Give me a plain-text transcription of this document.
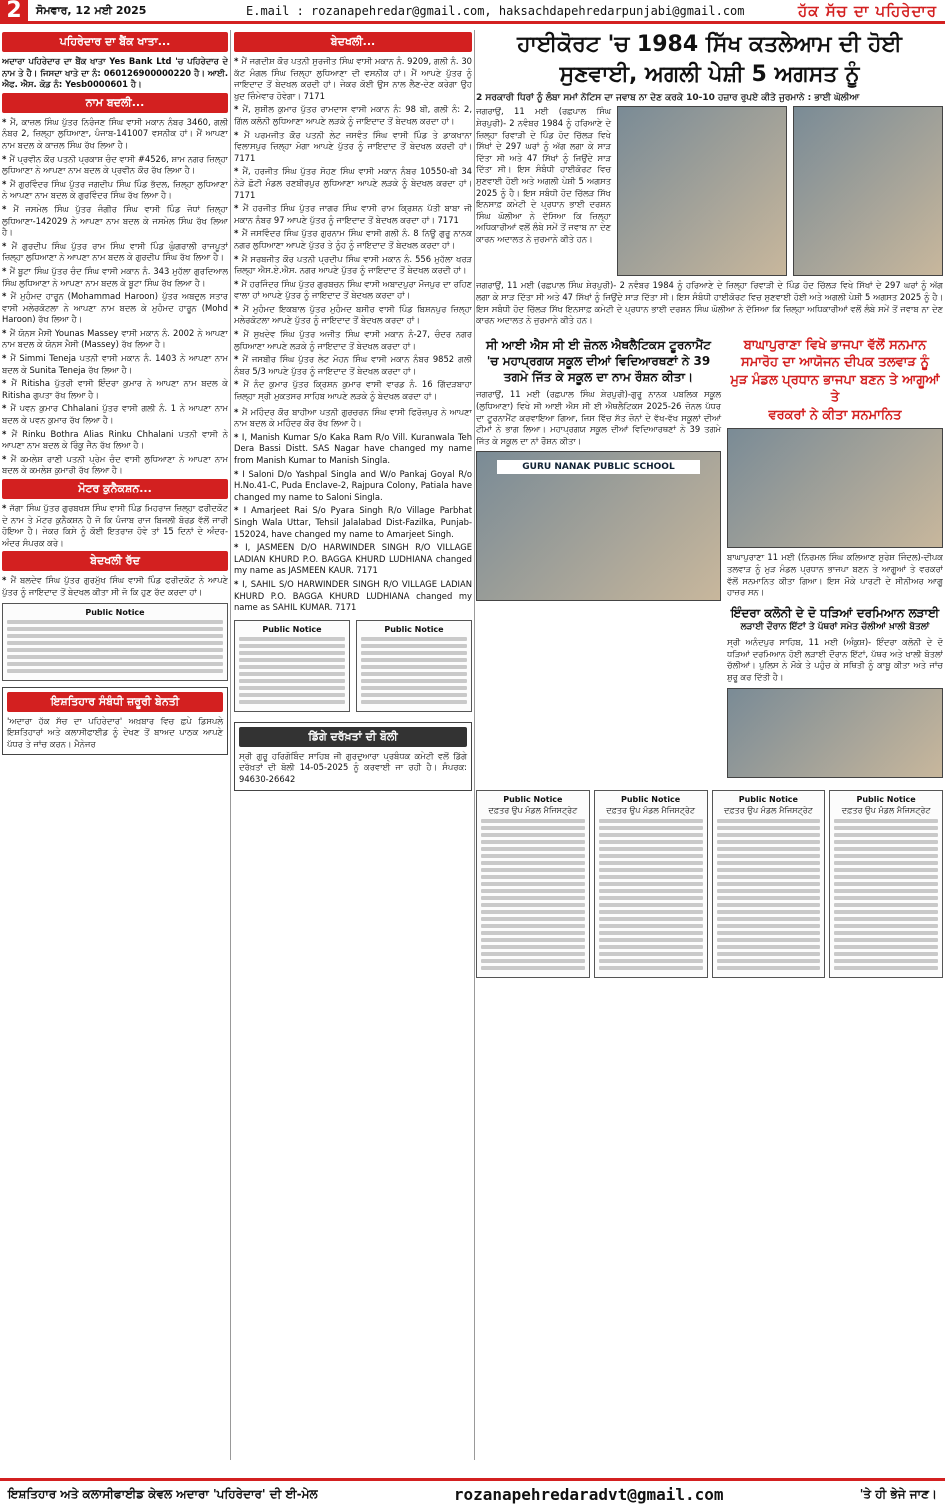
2	ਸੋਮਵਾਰ, 12 ਮਈ 2025	E.mail : rozanapehredar@gmail.com, haksachdapehredarpunjabi@gmail.com	ਹੱਕ ਸੱਚ ਦਾ ਪਹਿਰੇਦਾਰ
ਪਹਿਰੇਦਾਰ ਦਾ ਬੈਂਕ ਖਾਤਾ...
ਅਦਾਰਾ ਪਹਿਰੇਦਾਰ ਦਾ ਬੈਂਕ ਖਾਤਾ Yes Bank Ltd 'ਚ ਪਹਿਰੇਦਾਰ ਦੇ ਨਾਮ ਤੇ ਹੈ। ਜਿਸਦਾ ਖਾਤੇ ਦਾ ਨੰ: 060126900000220 ਹੈ। ਆਈ. ਐਫ. ਐਸ. ਕੋਡ ਨੰ: Yesb0000601 ਹੈ।
ਨਾਮ ਬਦਲੀ...

* ਮੈਂ, ਕਾਜ਼ਲ ਸਿੰਘ ਪੁੱਤਰ ਨਿਰੰਜਣ ਸਿੰਘ ਵਾਸੀ ਮਕਾਨ ਨੰਬਰ 3460, ਗਲੀ ਨੰਬਰ 2, ਜ਼ਿਲ੍ਹਾ ਲੁਧਿਆਣਾ, ਪੰਜਾਬ-141007 ਵਸਨੀਕ ਹਾਂ। ਮੈਂ ਆਪਣਾ ਨਾਮ ਬਦਲ ਕੇ ਕਾਜ਼ਲ ਸਿੰਘ ਰੱਖ ਲਿਆ ਹੈ।

* ਮੈਂ ਪ੍ਰਵੀਨ ਕੌਰ ਪਤਨੀ ਪ੍ਰਕਾਸ਼ ਚੰਦ ਵਾਸੀ #4526, ਸ਼ਾਮ ਨਗਰ ਜ਼ਿਲ੍ਹਾ ਲੁਧਿਆਣਾ ਨੇ ਆਪਣਾ ਨਾਮ ਬਦਲ ਕੇ ਪ੍ਰਵੀਨ ਕੌਰ ਰੱਖ ਲਿਆ ਹੈ।

* ਮੈਂ ਗੁਰਵਿੰਦਰ ਸਿੰਘ ਪੁੱਤਰ ਜਗਦੀਪ ਸਿੰਘ ਪਿੰਡ ਭੱਦਲ, ਜ਼ਿਲ੍ਹਾ ਲੁਧਿਆਣਾ ਨੇ ਆਪਣਾ ਨਾਮ ਬਦਲ ਕੇ ਗੁਰਵਿੰਦਰ ਸਿੰਘ ਰੱਖ ਲਿਆ ਹੈ।

* ਮੈਂ ਜਸਮੇਲ ਸਿੰਘ ਪੁੱਤਰ ਜੰਗੀਰ ਸਿੰਘ ਵਾਸੀ ਪਿੰਡ ਜੋਧਾਂ ਜ਼ਿਲ੍ਹਾ ਲੁਧਿਆਣਾ-142029 ਨੇ ਆਪਣਾ ਨਾਮ ਬਦਲ ਕੇ ਜਸਮੇਲ ਸਿੰਘ ਰੱਖ ਲਿਆ ਹੈ।

* ਮੈਂ ਗੁਰਦੀਪ ਸਿੰਘ ਪੁੱਤਰ ਰਾਮ ਸਿੰਘ ਵਾਸੀ ਪਿੰਡ ਘੁੰਗਰਾਲੀ ਰਾਜਪੂਤਾਂ ਜ਼ਿਲ੍ਹਾ ਲੁਧਿਆਣਾ ਨੇ ਆਪਣਾ ਨਾਮ ਬਦਲ ਕੇ ਗੁਰਦੀਪ ਸਿੰਘ ਰੱਖ ਲਿਆ ਹੈ।

* ਮੈਂ ਬੂਟਾ ਸਿੰਘ ਪੁੱਤਰ ਚੰਦ ਸਿੰਘ ਵਾਸੀ ਮਕਾਨ ਨੰ. 343 ਮੁਹੱਲਾ ਗੁਰਦਿਆਲ ਸਿੰਘ ਲੁਧਿਆਣਾ ਨੇ ਆਪਣਾ ਨਾਮ ਬਦਲ ਕੇ ਬੂਟਾ ਸਿੰਘ ਰੱਖ ਲਿਆ ਹੈ।

* ਮੈਂ ਮੁਹੰਮਦ ਹਾਰੂਨ (Mohammad Haroon) ਪੁੱਤਰ ਅਬਦੁਲ ਸਤਾਰ ਵਾਸੀ ਮਲੇਰਕੋਟਲਾ ਨੇ ਆਪਣਾ ਨਾਮ ਬਦਲ ਕੇ ਮੁਹੰਮਦ ਹਾਰੂਨ (Mohd Haroon) ਰੱਖ ਲਿਆ ਹੈ।

* ਮੈਂ ਯੋਨਸ ਮੈਸੀ Younas Massey ਵਾਸੀ ਮਕਾਨ ਨੰ. 2002 ਨੇ ਆਪਣਾ ਨਾਮ ਬਦਲ ਕੇ ਯੋਨਸ ਮੈਸੀ (Massey) ਰੱਖ ਲਿਆ ਹੈ।

* ਮੈਂ Simmi Teneja ਪਤਨੀ ਵਾਸੀ ਮਕਾਨ ਨੰ. 1403 ਨੇ ਆਪਣਾ ਨਾਮ ਬਦਲ ਕੇ Sunita Teneja ਰੱਖ ਲਿਆ ਹੈ।

* ਮੈਂ Ritisha ਪੁੱਤਰੀ ਵਾਸੀ ਇੰਦਰਾ ਕੁਮਾਰ ਨੇ ਆਪਣਾ ਨਾਮ ਬਦਲ ਕੇ Ritisha ਗੁਪਤਾ ਰੱਖ ਲਿਆ ਹੈ।

* ਮੈਂ ਪਵਨ ਕੁਮਾਰ Chhalani ਪੁੱਤਰ ਵਾਸੀ ਗਲੀ ਨੰ. 1 ਨੇ ਆਪਣਾ ਨਾਮ ਬਦਲ ਕੇ ਪਵਨ ਕੁਮਾਰ ਰੱਖ ਲਿਆ ਹੈ।

* ਮੈਂ Rinku Bothra Alias Rinku Chhalani ਪਤਨੀ ਵਾਸੀ ਨੇ ਆਪਣਾ ਨਾਮ ਬਦਲ ਕੇ ਰਿੰਕੂ ਜੈਨ ਰੱਖ ਲਿਆ ਹੈ।

* ਮੈਂ ਕਮਲੇਸ਼ ਰਾਣੀ ਪਤਨੀ ਪ੍ਰੇਮ ਚੰਦ ਵਾਸੀ ਲੁਧਿਆਣਾ ਨੇ ਆਪਣਾ ਨਾਮ ਬਦਲ ਕੇ ਕਮਲੇਸ਼ ਕੁਮਾਰੀ ਰੱਖ ਲਿਆ ਹੈ।

ਮੋਟਰ ਕੁਨੈਕਸ਼ਨ...

* ਜੱਗਾ ਸਿੰਘ ਪੁੱਤਰ ਗੁਰਬਖਸ਼ ਸਿੰਘ ਵਾਸੀ ਪਿੰਡ ਮਿਹਰਾਜ ਜ਼ਿਲ੍ਹਾ ਫਰੀਦਕੋਟ ਦੇ ਨਾਮ ਤੇ ਮੋਟਰ ਕੁਨੈਕਸ਼ਨ ਹੈ ਜੋ ਕਿ ਪੰਜਾਬ ਰਾਜ ਬਿਜਲੀ ਬੋਰਡ ਵੱਲੋਂ ਜਾਰੀ ਹੋਇਆ ਹੈ। ਜੇਕਰ ਕਿਸੇ ਨੂੰ ਕੋਈ ਇਤਰਾਜ਼ ਹੋਵੇ ਤਾਂ 15 ਦਿਨਾਂ ਦੇ ਅੰਦਰ-ਅੰਦਰ ਸੰਪਰਕ ਕਰੇ।

ਬੇਦਖਲੀ ਰੱਦ

* ਮੈਂ ਬਲਦੇਵ ਸਿੰਘ ਪੁੱਤਰ ਗੁਰਮੁੱਖ ਸਿੰਘ ਵਾਸੀ ਪਿੰਡ ਫਰੀਦਕੋਟ ਨੇ ਆਪਣੇ ਪੁੱਤਰ ਨੂੰ ਜਾਇਦਾਦ ਤੋਂ ਬੇਦਖਲ ਕੀਤਾ ਸੀ ਜੋ ਕਿ ਹੁਣ ਰੱਦ ਕਰਦਾ ਹਾਂ।

Public Notice
ਇਸ਼ਤਿਹਾਰ ਸੰਬੰਧੀ ਜ਼ਰੂਰੀ ਬੇਨਤੀ
'ਅਦਾਰਾ ਹੱਕ ਸੱਚ ਦਾ ਪਹਿਰੇਦਾਰ' ਅਖ਼ਬਾਰ ਵਿਚ ਛਪੇ ਡਿਸਪਲੇ ਇਸ਼ਤਿਹਾਰਾਂ ਅਤੇ ਕਲਾਸੀਫਾਈਡ ਨੂੰ ਦੇਖਣ ਤੋਂ ਬਾਅਦ ਪਾਠਕ ਆਪਣੇ ਪੱਧਰ ਤੇ ਜਾਂਚ ਕਰਨ। ਮੈਨੇਜਰ
ਬੇਦਖਲੀ...

* ਮੈਂ ਜਗਦੀਸ਼ ਕੌਰ ਪਤਨੀ ਸੁਰਜੀਤ ਸਿੰਘ ਵਾਸੀ ਮਕਾਨ ਨੰ. 9209, ਗਲੀ ਨੰ. 30 ਕੱਟ ਮੰਗਲ ਸਿੰਘ ਜ਼ਿਲ੍ਹਾ ਲੁਧਿਆਣਾ ਦੀ ਵਸਨੀਕ ਹਾਂ। ਮੈਂ ਆਪਣੇ ਪੁੱਤਰ ਨੂੰ ਜਾਇਦਾਦ ਤੋਂ ਬੇਦਖਲ ਕਰਦੀ ਹਾਂ। ਜੇਕਰ ਕੋਈ ਉਸ ਨਾਲ ਲੈਣ-ਦੇਣ ਕਰੇਗਾ ਉਹ ਖੁਦ ਜ਼ਿੰਮੇਵਾਰ ਹੋਵੇਗਾ। 7171

* ਮੈਂ, ਸੁਸ਼ੀਲ ਕੁਮਾਰ ਪੁੱਤਰ ਰਾਮਦਾਸ ਵਾਸੀ ਮਕਾਨ ਨੰ: 98 ਬੀ, ਗਲੀ ਨੰ: 2, ਗਿੱਲ ਕਲੋਨੀ ਲੁਧਿਆਣਾ ਆਪਣੇ ਲੜਕੇ ਨੂੰ ਜਾਇਦਾਦ ਤੋਂ ਬੇਦਖਲ ਕਰਦਾ ਹਾਂ।

* ਮੈਂ ਪਰਮਜੀਤ ਕੌਰ ਪਤਨੀ ਲੇਟ ਜਸਵੰਤ ਸਿੰਘ ਵਾਸੀ ਪਿੰਡ ਤੇ ਡਾਕਖਾਨਾ ਵਿਲਾਸਪੁਰ ਜ਼ਿਲ੍ਹਾ ਮੋਗਾ ਆਪਣੇ ਪੁੱਤਰ ਨੂੰ ਜਾਇਦਾਦ ਤੋਂ ਬੇਦਖਲ ਕਰਦੀ ਹਾਂ। 7171

* ਮੈਂ, ਹਰਜੀਤ ਸਿੰਘ ਪੁੱਤਰ ਸੋਹਣ ਸਿੰਘ ਵਾਸੀ ਮਕਾਨ ਨੰਬਰ 10550-ਬੀ 34 ਨੇੜੇ ਛੋਟੀ ਮੰਡਲ ਰਣਬੀਰਪੁਰ ਲੁਧਿਆਣਾ ਆਪਣੇ ਲੜਕੇ ਨੂੰ ਬੇਦਖਲ ਕਰਦਾ ਹਾਂ। 7171

* ਮੈਂ ਹਰਜੀਤ ਸਿੰਘ ਪੁੱਤਰ ਜਾਗਰ ਸਿੰਘ ਵਾਸੀ ਰਾਮ ਕ੍ਰਿਸ਼ਨ ਪੱਤੀ ਬਾਬਾ ਜੀ ਮਕਾਨ ਨੰਬਰ 97 ਆਪਣੇ ਪੁੱਤਰ ਨੂੰ ਜਾਇਦਾਦ ਤੋਂ ਬੇਦਖਲ ਕਰਦਾ ਹਾਂ। 7171

* ਮੈਂ ਜਸਵਿੰਦਰ ਸਿੰਘ ਪੁੱਤਰ ਗੁਰਨਾਮ ਸਿੰਘ ਵਾਸੀ ਗਲੀ ਨੰ. 8 ਨਿਊ ਗੁਰੂ ਨਾਨਕ ਨਗਰ ਲੁਧਿਆਣਾ ਆਪਣੇ ਪੁੱਤਰ ਤੇ ਨੂੰਹ ਨੂੰ ਜਾਇਦਾਦ ਤੋਂ ਬੇਦਖਲ ਕਰਦਾ ਹਾਂ।

* ਮੈਂ ਸਰਬਜੀਤ ਕੌਰ ਪਤਨੀ ਪ੍ਰਦੀਪ ਸਿੰਘ ਵਾਸੀ ਮਕਾਨ ਨੰ. 556 ਮੁਹੱਲਾ ਖਰੜ ਜ਼ਿਲ੍ਹਾ ਐਸ.ਏ.ਐਸ. ਨਗਰ ਆਪਣੇ ਪੁੱਤਰ ਨੂੰ ਜਾਇਦਾਦ ਤੋਂ ਬੇਦਖਲ ਕਰਦੀ ਹਾਂ।

* ਮੈਂ ਹਰਜਿੰਦਰ ਸਿੰਘ ਪੁੱਤਰ ਗੁਰਬਚਨ ਸਿੰਘ ਵਾਸੀ ਅਬਾਦਪੁਰਾ ਮੌਜਪੁਰ ਦਾ ਰਹਿਣ ਵਾਲਾ ਹਾਂ ਆਪਣੇ ਪੁੱਤਰ ਨੂੰ ਜਾਇਦਾਦ ਤੋਂ ਬੇਦਖਲ ਕਰਦਾ ਹਾਂ।

* ਮੈਂ ਮੁਹੰਮਦ ਇਕਬਾਲ ਪੁੱਤਰ ਮੁਹੰਮਦ ਬਸੀਰ ਵਾਸੀ ਪਿੰਡ ਬਿਸ਼ਨਪੁਰ ਜ਼ਿਲ੍ਹਾ ਮਲੇਰਕੋਟਲਾ ਆਪਣੇ ਪੁੱਤਰ ਨੂੰ ਜਾਇਦਾਦ ਤੋਂ ਬੇਦਖਲ ਕਰਦਾ ਹਾਂ।

* ਮੈਂ ਸੁਖਦੇਵ ਸਿੰਘ ਪੁੱਤਰ ਅਜੀਤ ਸਿੰਘ ਵਾਸੀ ਮਕਾਨ ਨੰ-27, ਚੰਦਰ ਨਗਰ ਲੁਧਿਆਣਾ ਆਪਣੇ ਲੜਕੇ ਨੂੰ ਜਾਇਦਾਦ ਤੋਂ ਬੇਦਖਲ ਕਰਦਾ ਹਾਂ।

* ਮੈਂ ਜਸਬੀਰ ਸਿੰਘ ਪੁੱਤਰ ਲੇਟ ਮੋਹਨ ਸਿੰਘ ਵਾਸੀ ਮਕਾਨ ਨੰਬਰ 9852 ਗਲੀ ਨੰਬਰ 5/3 ਆਪਣੇ ਪੁੱਤਰ ਨੂੰ ਜਾਇਦਾਦ ਤੋਂ ਬੇਦਖਲ ਕਰਦਾ ਹਾਂ।

* ਮੈਂ ਨੰਦ ਕੁਮਾਰ ਪੁੱਤਰ ਕ੍ਰਿਸ਼ਨ ਕੁਮਾਰ ਵਾਸੀ ਵਾਰਡ ਨੰ. 16 ਗਿੱਦੜਬਾਹਾ ਜ਼ਿਲ੍ਹਾ ਸ੍ਰੀ ਮੁਕਤਸਰ ਸਾਹਿਬ ਆਪਣੇ ਲੜਕੇ ਨੂੰ ਬੇਦਖਲ ਕਰਦਾ ਹਾਂ।

* ਮੈਂ ਮਹਿੰਦਰ ਕੌਰ ਬਾਹੀਆ ਪਤਨੀ ਗੁਰਚਰਨ ਸਿੰਘ ਵਾਸੀ ਫਿਰੋਜ਼ਪੁਰ ਨੇ ਆਪਣਾ ਨਾਮ ਬਦਲ ਕੇ ਮਹਿੰਦਰ ਕੌਰ ਰੱਖ ਲਿਆ ਹੈ।

* I, Manish Kumar S/o Kaka Ram R/o Vill. Kuranwala Teh Dera Bassi Distt. SAS Nagar have changed my name from Manish Kumar to Manish Singla.

* I Saloni D/o Yashpal Singla and W/o Pankaj Goyal R/o H.No.41-C, Puda Enclave-2, Rajpura Colony, Patiala have changed my name to Saloni Singla.

* I Amarjeet Rai S/o Pyara Singh R/o Village Parbhat Singh Wala Uttar, Tehsil Jalalabad Dist-Fazilka, Punjab-152024, have changed my name to Amarjeet Singh.

* I, JASMEEN D/O HARWINDER SINGH R/O VILLAGE LADIAN KHURD P.O. BAGGA KHURD LUDHIANA changed my name as JASMEEN KAUR. 7171

* I, SAHIL S/O HARWINDER SINGH R/O VILLAGE LADIAN KHURD P.O. BAGGA KHURD LUDHIANA changed my name as SAHIL KUMAR. 7171

Public Notice	Public Notice
ਡਿੱਗੇ ਦਰੱਖ਼ਤਾਂ ਦੀ ਬੋਲੀ
ਸ੍ਰੀ ਗੁਰੂ ਹਰਿਗੋਬਿੰਦ ਸਾਹਿਬ ਜੀ ਗੁਰਦੁਆਰਾ ਪ੍ਰਬੰਧਕ ਕਮੇਟੀ ਵਲੋਂ ਡਿੱਗੇ ਦਰੱਖ਼ਤਾਂ ਦੀ ਬੋਲੀ 14-05-2025 ਨੂੰ ਕਰਵਾਈ ਜਾ ਰਹੀ ਹੈ। ਸੰਪਰਕ: 94630-26642
ਹਾਈਕੋਰਟ 'ਚ 1984 ਸਿੱਖ ਕਤਲੇਆਮ ਦੀ ਹੋਈ
ਸੁਣਵਾਈ, ਅਗਲੀ ਪੇਸ਼ੀ 5 ਅਗਸਤ ਨੂੰ
2 ਸਰਕਾਰੀ ਧਿਰਾਂ ਨੂੰ ਲੰਬਾ ਸਮਾਂ ਨੋਟਿਸ ਦਾ ਜਵਾਬ ਨਾ ਦੇਣ ਕਰਕੇ 10-10 ਹਜ਼ਾਰ ਰੁਪਏ ਕੀਤੇ ਜੁਰਮਾਨੇ : ਭਾਈ ਘੋਲੀਆ
ਜਗਰਾਉਂ, 11 ਮਈ (ਰਛਪਾਲ ਸਿੰਘ ਸ਼ੇਰਪੁਰੀ)- 2 ਨਵੰਬਰ 1984 ਨੂੰ ਹਰਿਆਣੇ ਦੇ ਜ਼ਿਲ੍ਹਾ ਰਿਵਾੜੀ ਦੇ ਪਿੰਡ ਹੋਦ ਚਿੱਲੜ ਵਿਖੇ ਸਿੱਖਾਂ ਦੇ 297 ਘਰਾਂ ਨੂੰ ਅੱਗ ਲਗਾ ਕੇ ਸਾੜ ਦਿੱਤਾ ਸੀ ਅਤੇ 47 ਸਿੱਖਾਂ ਨੂੰ ਜਿਉਂਦੇ ਸਾੜ ਦਿੱਤਾ ਸੀ। ਇਸ ਸੰਬੰਧੀ ਹਾਈਕੋਰਟ ਵਿਚ ਸੁਣਵਾਈ ਹੋਈ ਅਤੇ ਅਗਲੀ ਪੇਸ਼ੀ 5 ਅਗਸਤ 2025 ਨੂੰ ਹੈ। ਇਸ ਸਬੰਧੀ ਹੋਦ ਚਿੱਲੜ ਸਿੱਖ ਇਨਸਾਫ਼ ਕਮੇਟੀ ਦੇ ਪ੍ਰਧਾਨ ਭਾਈ ਦਰਸ਼ਨ ਸਿੰਘ ਘੋਲੀਆ ਨੇ ਦੱਸਿਆ ਕਿ ਜ਼ਿਲ੍ਹਾ ਅਧਿਕਾਰੀਆਂ ਵਲੋਂ ਲੰਬੇ ਸਮੇਂ ਤੋਂ ਜਵਾਬ ਨਾ ਦੇਣ ਕਾਰਨ ਅਦਾਲਤ ਨੇ ਜੁਰਮਾਨੇ ਕੀਤੇ ਹਨ।
ਜਗਰਾਉਂ, 11 ਮਈ (ਰਛਪਾਲ ਸਿੰਘ ਸ਼ੇਰਪੁਰੀ)- 2 ਨਵੰਬਰ 1984 ਨੂੰ ਹਰਿਆਣੇ ਦੇ ਜ਼ਿਲ੍ਹਾ ਰਿਵਾੜੀ ਦੇ ਪਿੰਡ ਹੋਦ ਚਿੱਲੜ ਵਿਖੇ ਸਿੱਖਾਂ ਦੇ 297 ਘਰਾਂ ਨੂੰ ਅੱਗ ਲਗਾ ਕੇ ਸਾੜ ਦਿੱਤਾ ਸੀ ਅਤੇ 47 ਸਿੱਖਾਂ ਨੂੰ ਜਿਉਂਦੇ ਸਾੜ ਦਿੱਤਾ ਸੀ। ਇਸ ਸੰਬੰਧੀ ਹਾਈਕੋਰਟ ਵਿਚ ਸੁਣਵਾਈ ਹੋਈ ਅਤੇ ਅਗਲੀ ਪੇਸ਼ੀ 5 ਅਗਸਤ 2025 ਨੂੰ ਹੈ। ਇਸ ਸਬੰਧੀ ਹੋਦ ਚਿੱਲੜ ਸਿੱਖ ਇਨਸਾਫ਼ ਕਮੇਟੀ ਦੇ ਪ੍ਰਧਾਨ ਭਾਈ ਦਰਸ਼ਨ ਸਿੰਘ ਘੋਲੀਆ ਨੇ ਦੱਸਿਆ ਕਿ ਜ਼ਿਲ੍ਹਾ ਅਧਿਕਾਰੀਆਂ ਵਲੋਂ ਲੰਬੇ ਸਮੇਂ ਤੋਂ ਜਵਾਬ ਨਾ ਦੇਣ ਕਾਰਨ ਅਦਾਲਤ ਨੇ ਜੁਰਮਾਨੇ ਕੀਤੇ ਹਨ।
ਸੀ ਆਈ ਐਸ ਸੀ ਈ ਜ਼ੋਨਲ ਐਥਲੈਟਿਕਸ ਟੂਰਨਾਮੈਂਟ
'ਚ ਮਹਾਪ੍ਰਗਯ ਸਕੂਲ ਦੀਆਂ ਵਿਦਿਆਰਥਣਾਂ ਨੇ 39
ਤਗਮੇ ਜਿੱਤ ਕੇ ਸਕੂਲ ਦਾ ਨਾਮ ਰੌਸ਼ਨ ਕੀਤਾ।
ਜਗਰਾਉਂ, 11 ਮਈ (ਰਛਪਾਲ ਸਿੰਘ ਸ਼ੇਰਪੁਰੀ)-ਗੁਰੂ ਨਾਨਕ ਪਬਲਿਕ ਸਕੂਲ (ਲੁਧਿਆਣਾ) ਵਿਖੇ ਸੀ ਆਈ ਐਸ ਸੀ ਈ ਐਥਲੈਟਿਕਸ 2025-26 ਜ਼ੋਨਲ ਪੱਧਰ ਦਾ ਟੂਰਨਾਮੈਂਟ ਕਰਵਾਇਆ ਗਿਆ, ਜਿਸ ਵਿੱਚ ਸੱਤ ਜ਼ੋਨਾਂ ਦੇ ਵੱਖ-ਵੱਖ ਸਕੂਲਾਂ ਦੀਆਂ ਟੀਮਾਂ ਨੇ ਭਾਗ ਲਿਆ। ਮਹਾਪ੍ਰਗਯ ਸਕੂਲ ਦੀਆਂ ਵਿਦਿਆਰਥਣਾਂ ਨੇ 39 ਤਗਮੇ ਜਿੱਤ ਕੇ ਸਕੂਲ ਦਾ ਨਾਂ ਰੌਸ਼ਨ ਕੀਤਾ।
GURU NANAK PUBLIC SCHOOL
ਬਾਘਾਪੁਰਾਣਾ ਵਿਖੇ ਭਾਜਪਾ ਵੱਲੋਂ ਸਨਮਾਨ
ਸਮਾਰੋਹ ਦਾ ਆਯੋਜਨ ਦੀਪਕ ਤਲਵਾੜ ਨੂੰ
ਮੁੜ ਮੰਡਲ ਪ੍ਰਧਾਨ ਭਾਜਪਾ ਬਣਨ ਤੇ ਆਗੂਆਂ ਤੇ
ਵਰਕਰਾਂ ਨੇ ਕੀਤਾ ਸਨਮਾਨਿਤ
ਬਾਘਾਪੁਰਾਣਾ 11 ਮਈ (ਨਿਰਮਲ ਸਿੰਘ ਕਲਿਆਣ ਸੁਰੇਸ਼ ਜਿੰਦਲ)-ਦੀਪਕ ਤਲਵਾੜ ਨੂੰ ਮੁੜ ਮੰਡਲ ਪ੍ਰਧਾਨ ਭਾਜਪਾ ਬਣਨ ਤੇ ਆਗੂਆਂ ਤੇ ਵਰਕਰਾਂ ਵੱਲੋਂ ਸਨਮਾਨਿਤ ਕੀਤਾ ਗਿਆ। ਇਸ ਮੌਕੇ ਪਾਰਟੀ ਦੇ ਸੀਨੀਅਰ ਆਗੂ ਹਾਜ਼ਰ ਸਨ।
ਇੰਦਰਾ ਕਲੋਨੀ ਦੇ ਦੋ ਧੜਿਆਂ ਦਰਮਿਆਨ ਲੜਾਈ
ਲੜਾਈ ਦੌਰਾਨ ਇੱਟਾਂ ਤੇ ਪੱਥਰਾਂ ਸਮੇਤ ਚੱਲੀਆਂ ਖ਼ਾਲੀ ਬੋਤਲਾਂ
ਸ੍ਰੀ ਅਨੰਦਪੁਰ ਸਾਹਿਬ, 11 ਮਈ (ਅੰਕੁਸ਼)- ਇੰਦਰਾ ਕਲੋਨੀ ਦੇ ਦੋ ਧੜਿਆਂ ਦਰਮਿਆਨ ਹੋਈ ਲੜਾਈ ਦੌਰਾਨ ਇੱਟਾਂ, ਪੱਥਰ ਅਤੇ ਖਾਲੀ ਬੋਤਲਾਂ ਚੱਲੀਆਂ। ਪੁਲਿਸ ਨੇ ਮੌਕੇ ਤੇ ਪਹੁੰਚ ਕੇ ਸਥਿਤੀ ਨੂੰ ਕਾਬੂ ਕੀਤਾ ਅਤੇ ਜਾਂਚ ਸ਼ੁਰੂ ਕਰ ਦਿੱਤੀ ਹੈ।
Public Notice
ਦਫ਼ਤਰ ਉਪ ਮੰਡਲ ਮੈਜਿਸਟ੍ਰੇਟ
Public Notice
ਦਫ਼ਤਰ ਉਪ ਮੰਡਲ ਮੈਜਿਸਟ੍ਰੇਟ
Public Notice
ਦਫ਼ਤਰ ਉਪ ਮੰਡਲ ਮੈਜਿਸਟ੍ਰੇਟ
Public Notice
ਦਫ਼ਤਰ ਉਪ ਮੰਡਲ ਮੈਜਿਸਟ੍ਰੇਟ
ਇਸ਼ਤਿਹਾਰ ਅਤੇ ਕਲਾਸੀਫਾਈਡ ਕੇਵਲ ਅਦਾਰਾ 'ਪਹਿਰੇਦਾਰ' ਦੀ ਈ-ਮੇਲ	rozanapehredaradvt@gmail.com	'ਤੇ ਹੀ ਭੇਜੇ ਜਾਣ।
